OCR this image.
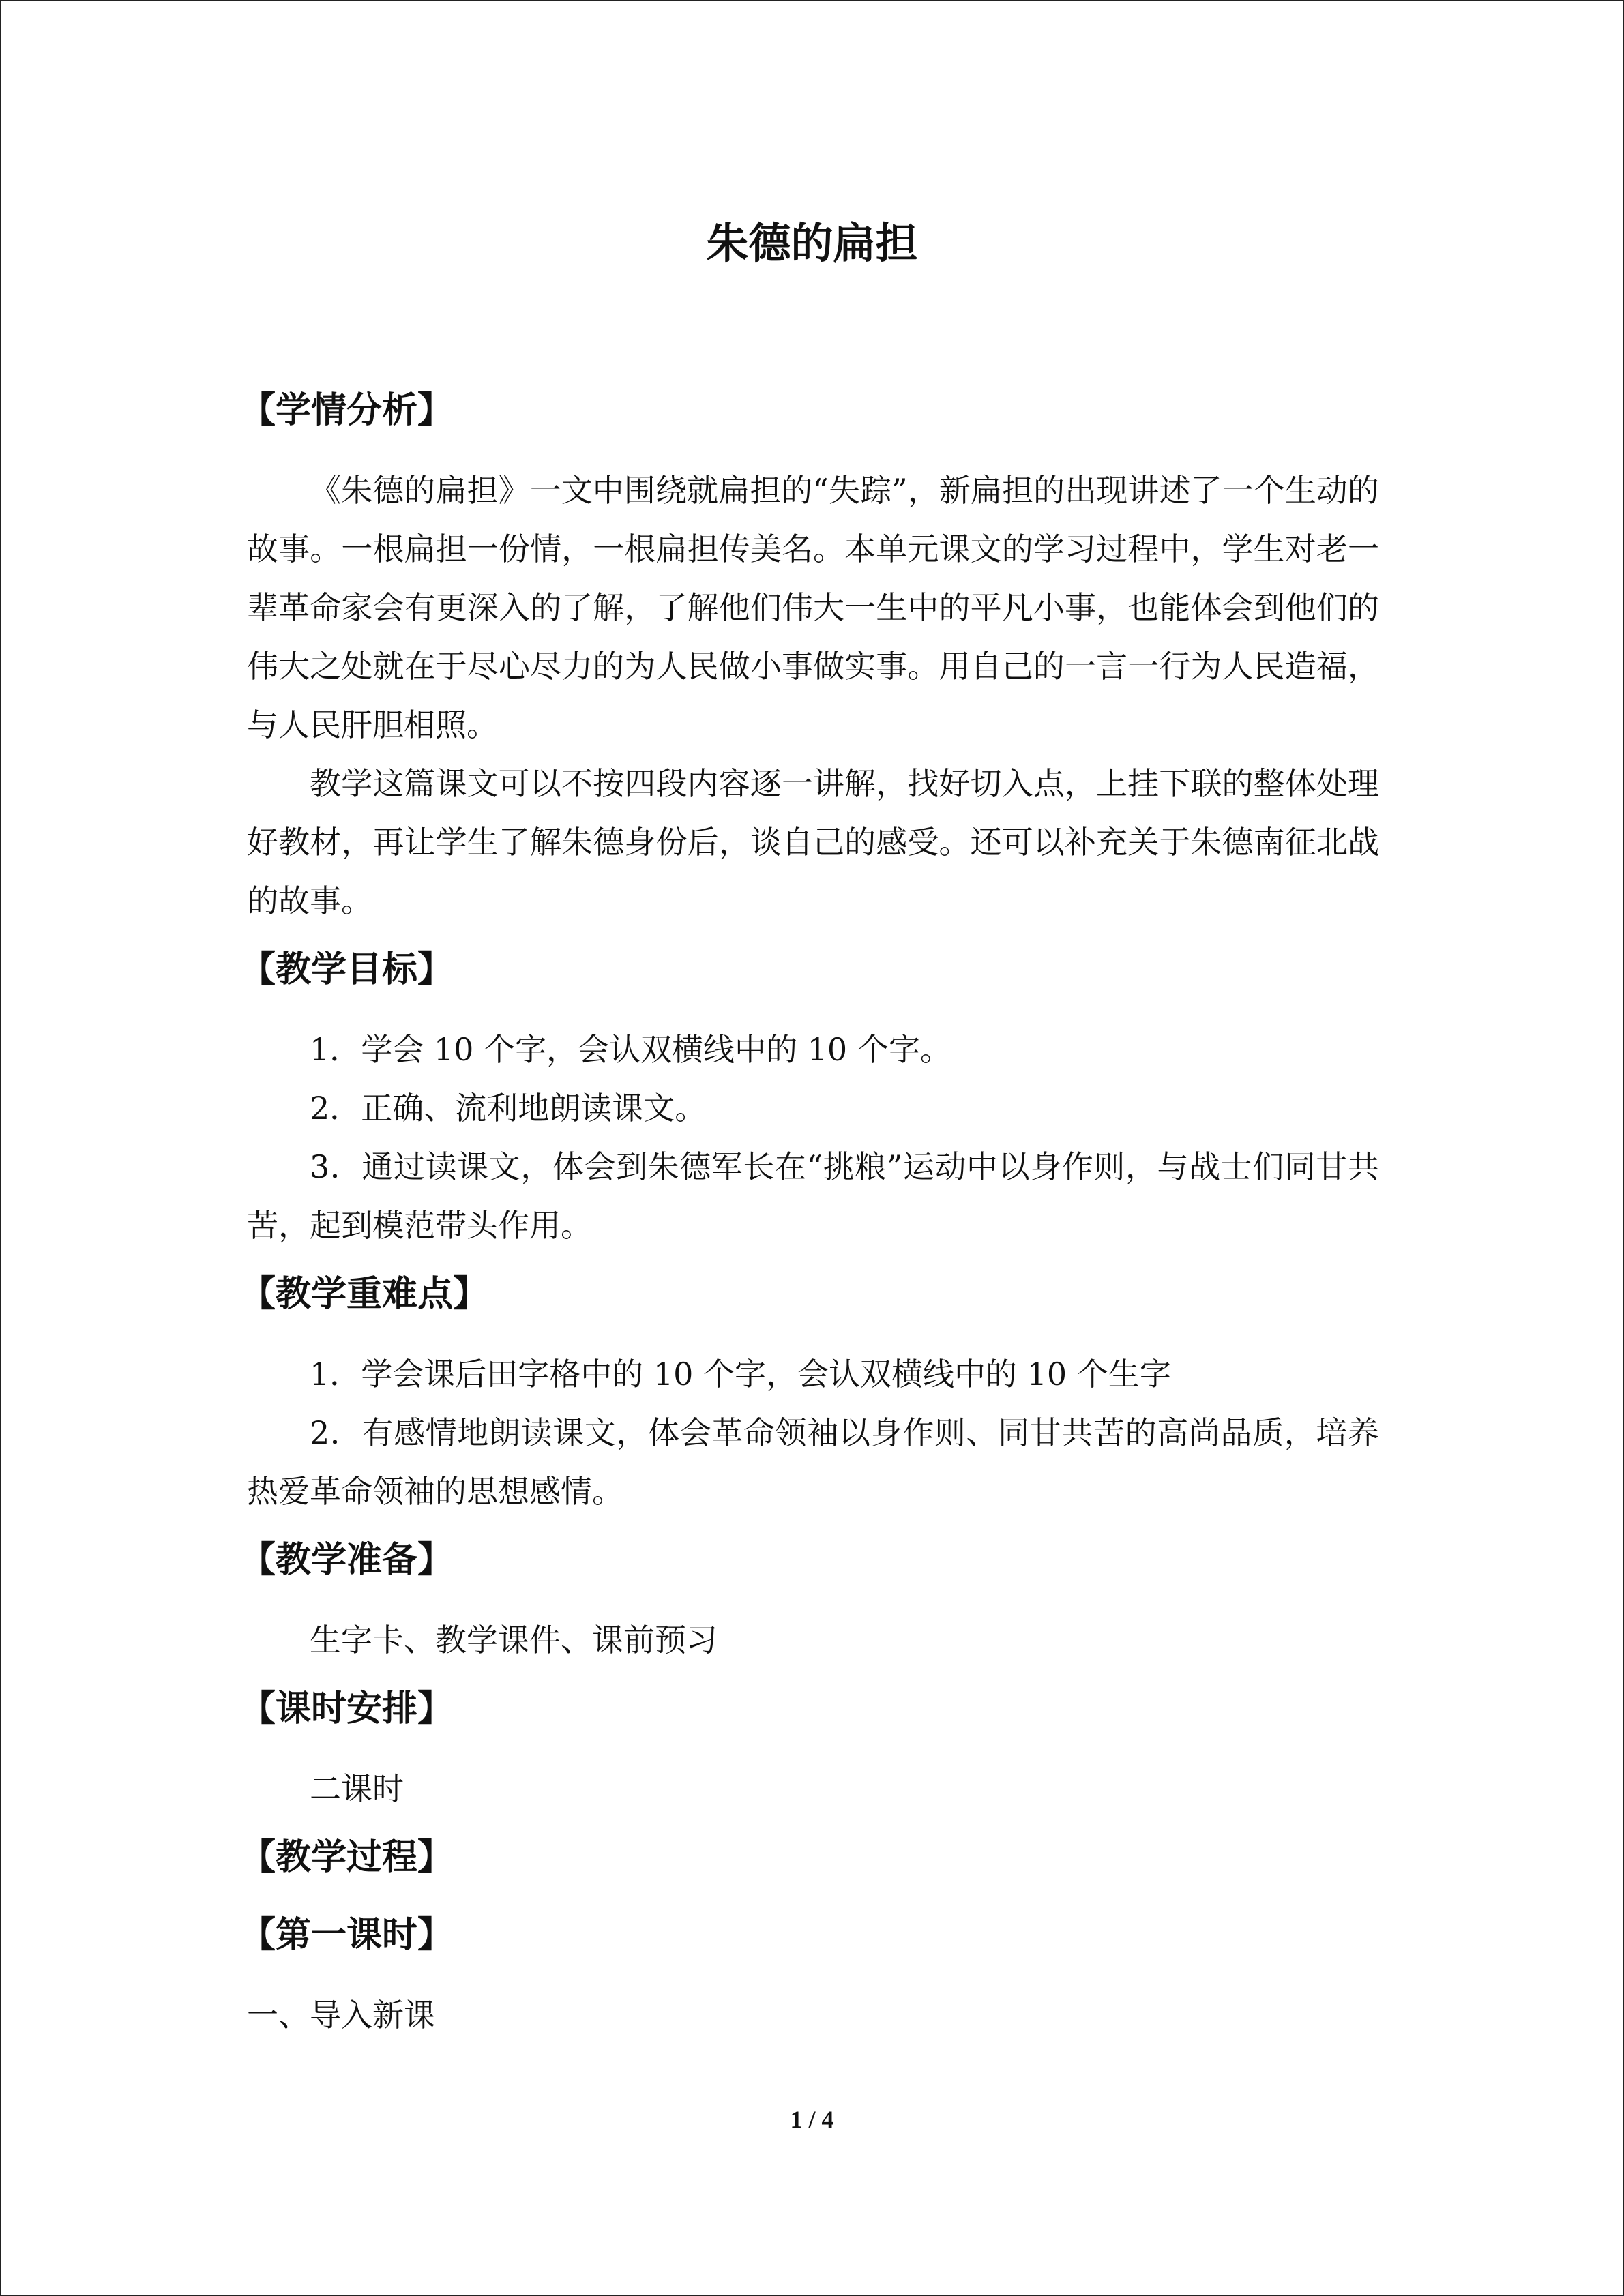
朱德的扁担
【学情分析】

《朱德的扁担》一文中围绕就扁担的“失踪”，新扁担的出现讲述了一个生动的故事。一根扁担一份情，一根扁担传美名。本单元课文的学习过程中，学生对老一辈革命家会有更深入的了解，了解他们伟大一生中的平凡小事，也能体会到他们的伟大之处就在于尽心尽力的为人民做小事做实事。用自己的一言一行为人民造福，与人民肝胆相照。

教学这篇课文可以不按四段内容逐一讲解，找好切入点，上挂下联的整体处理好教材，再让学生了解朱德身份后，谈自己的感受。还可以补充关于朱德南征北战的故事。

【教学目标】

1．学会 10 个字，会认双横线中的 10 个字。

2．正确、流利地朗读课文。

3．通过读课文，体会到朱德军长在“挑粮”运动中以身作则，与战士们同甘共苦，起到模范带头作用。

【教学重难点】

1．学会课后田字格中的 10 个字，会认双横线中的 10 个生字

2．有感情地朗读课文，体会革命领袖以身作则、同甘共苦的高尚品质，培养热爱革命领袖的思想感情。

【教学准备】

生字卡、教学课件、课前预习

【课时安排】

二课时

【教学过程】
【第一课时】

一、导入新课

1 / 4
